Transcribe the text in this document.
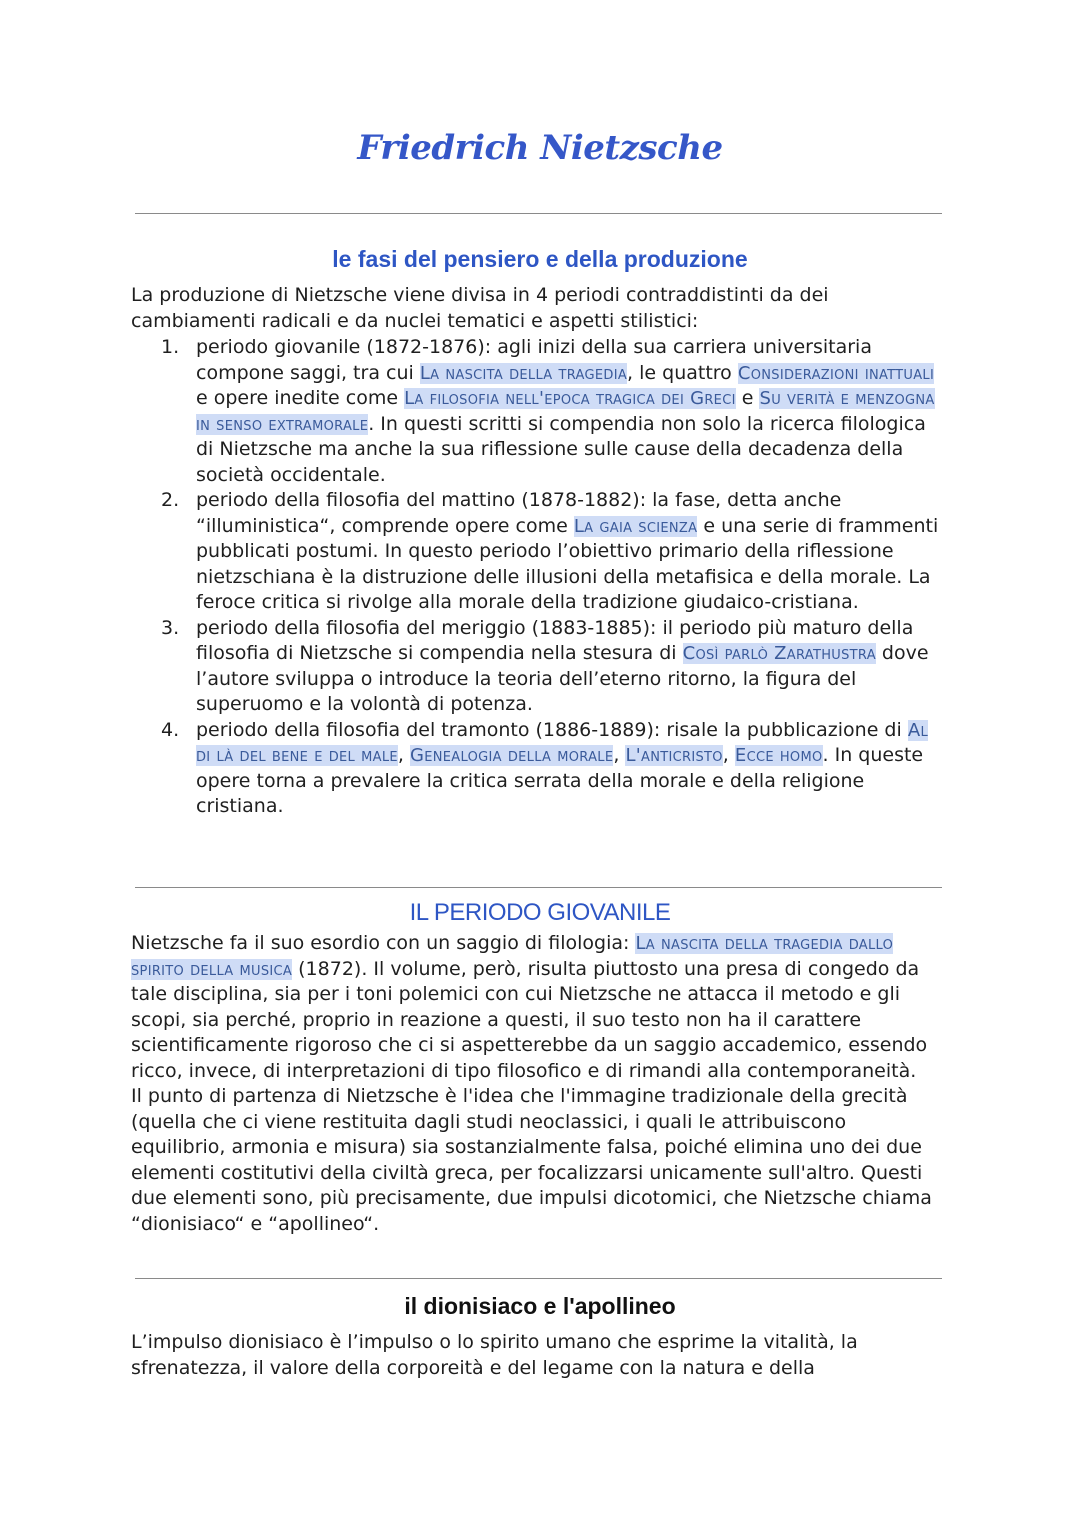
Friedrich Nietzsche
le fasi del pensiero e della produzione

La produzione di Nietzsche viene divisa in 4 periodi contraddistinti da dei cambiamenti radicali e da nuclei tematici e aspetti stilistici:

1. periodo giovanile (1872-1876): agli inizi della sua carriera universitaria compone saggi, tra cui La nascita della tragedia, le quattro Considerazioni inattuali e opere inedite come La filosofia nell'epoca tragica dei Greci e Su verità e menzogna in senso extramorale. In questi scritti si compendia non solo la ricerca filologica di Nietzsche ma anche la sua riflessione sulle cause della decadenza della società occidentale.
2. periodo della filosofia del mattino (1878-1882): la fase, detta anche “illuministica“, comprende opere come La gaia scienza e una serie di frammenti pubblicati postumi. In questo periodo l’obiettivo primario della riflessione nietzschiana è la distruzione delle illusioni della metafisica e della morale. La feroce critica si rivolge alla morale della tradizione giudaico-cristiana.
3. periodo della filosofia del meriggio (1883-1885): il periodo più maturo della filosofia di Nietzsche si compendia nella stesura di Così parlò Zarathustra dove l’autore sviluppa o introduce la teoria dell’eterno ritorno, la figura del superuomo e la volontà di potenza.
4. periodo della filosofia del tramonto (1886-1889): risale la pubblicazione di Al di là del bene e del male, Genealogia della morale, L'anticristo, Ecce homo. In queste opere torna a prevalere la critica serrata della morale e della religione cristiana.
IL PERIODO GIOVANILE

Nietzsche fa il suo esordio con un saggio di filologia: La nascita della tragedia dallo spirito della musica (1872). Il volume, però, risulta piuttosto una presa di congedo da tale disciplina, sia per i toni polemici con cui Nietzsche ne attacca il metodo e gli scopi, sia perché, proprio in reazione a questi, il suo testo non ha il carattere scientificamente rigoroso che ci si aspetterebbe da un saggio accademico, essendo ricco, invece, di interpretazioni di tipo filosofico e di rimandi alla contemporaneità.
Il punto di partenza di Nietzsche è l'idea che l'immagine tradizionale della grecità (quella che ci viene restituita dagli studi neoclassici, i quali le attribuiscono equilibrio, armonia e misura) sia sostanzialmente falsa, poiché elimina uno dei due elementi costitutivi della civiltà greca, per focalizzarsi unicamente sull'altro. Questi due elementi sono, più precisamente, due impulsi dicotomici, che Nietzsche chiama “dionisiaco“ e “apollineo“.

il dionisiaco e l'apollineo

L’impulso dionisiaco è l’impulso o lo spirito umano che esprime la vitalità, la sfrenatezza, il valore della corporeità e del legame con la natura e della
